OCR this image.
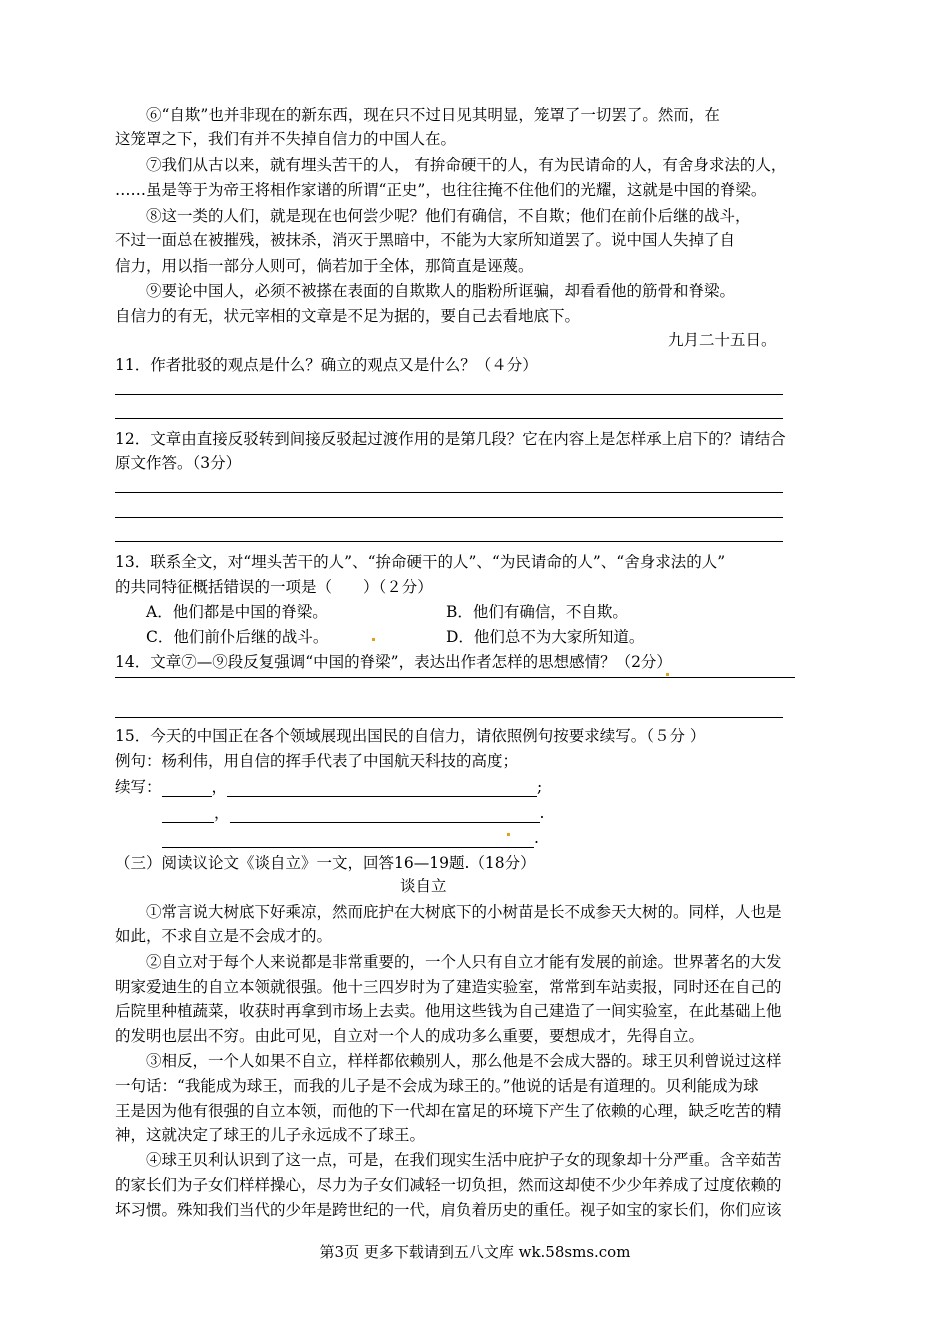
⑥“自欺”也并非现在的新东西，现在只不过日见其明显，笼罩了一切罢了。然而，在
这笼罩之下，我们有并不失掉自信力的中国人在。
⑦我们从古以来，就有埋头苦干的人， 有拚命硬干的人，有为民请命的人，有舍身求法的人，
……虽是等于为帝王将相作家谱的所谓“正史”，也往往掩不住他们的光耀，这就是中国的脊梁。
⑧这一类的人们，就是现在也何尝少呢？他们有确信，不自欺；他们在前仆后继的战斗，
不过一面总在被摧残，被抹杀，消灭于黑暗中，不能为大家所知道罢了。说中国人失掉了自
信力，用以指一部分人则可，倘若加于全体，那简直是诬蔑。
⑨要论中国人，必须不被搽在表面的自欺欺人的脂粉所诓骗，却看看他的筋骨和脊梁。
自信力的有无，状元宰相的文章是不足为据的，要自己去看地底下。
九月二十五日。
11．作者批驳的观点是什么？确立的观点又是什么？（４分）
12．文章由直接反驳转到间接反驳起过渡作用的是第几段？它在内容上是怎样承上启下的？请结合
原文作答。（3分）
13．联系全文，对“埋头苦干的人”、“拚命硬干的人”、“为民请命的人”、“舍身求法的人”
的共同特征概括错误的一项是（　　）（２分）
A．他们都是中国的脊梁。	B．他们有确信，不自欺。
C．他们前仆后继的战斗。	D．他们总不为大家所知道。
14．文章⑦—⑨段反复强调“中国的脊梁”，表达出作者怎样的思想感情？（2分）
15．今天的中国正在各个领域展现出国民的自信力，请依照例句按要求续写。（５分 ）
例句：杨利伟，用自信的挥手代表了中国航天科技的高度；
续写：	，	;
，	.
.
（三）阅读议论文《谈自立》一文，回答16—19题.（18分）
谈自立
①常言说大树底下好乘凉，然而庇护在大树底下的小树苗是长不成参天大树的。同样，人也是
如此，不求自立是不会成才的。
②自立对于每个人来说都是非常重要的，一个人只有自立才能有发展的前途。世界著名的大发
明家爱迪生的自立本领就很强。他十三四岁时为了建造实验室，常常到车站卖报，同时还在自己的
后院里种植蔬菜，收获时再拿到市场上去卖。他用这些钱为自己建造了一间实验室，在此基础上他
的发明也层出不穷。由此可见，自立对一个人的成功多么重要，要想成才，先得自立。
③相反，一个人如果不自立，样样都依赖别人，那么他是不会成大器的。球王贝利曾说过这样
一句话：“我能成为球王，而我的儿子是不会成为球王的。”他说的话是有道理的。贝利能成为球
王是因为他有很强的自立本领，而他的下一代却在富足的环境下产生了依赖的心理，缺乏吃苦的精
神，这就决定了球王的儿子永远成不了球王。
④球王贝利认识到了这一点，可是，在我们现实生活中庇护子女的现象却十分严重。含辛茹苦
的家长们为子女们样样操心，尽力为子女们减轻一切负担，然而这却使不少少年养成了过度依赖的
坏习惯。殊知我们当代的少年是跨世纪的一代，肩负着历史的重任。视子如宝的家长们，你们应该
第3页 更多下载请到五八文库 wk.58sms.com
